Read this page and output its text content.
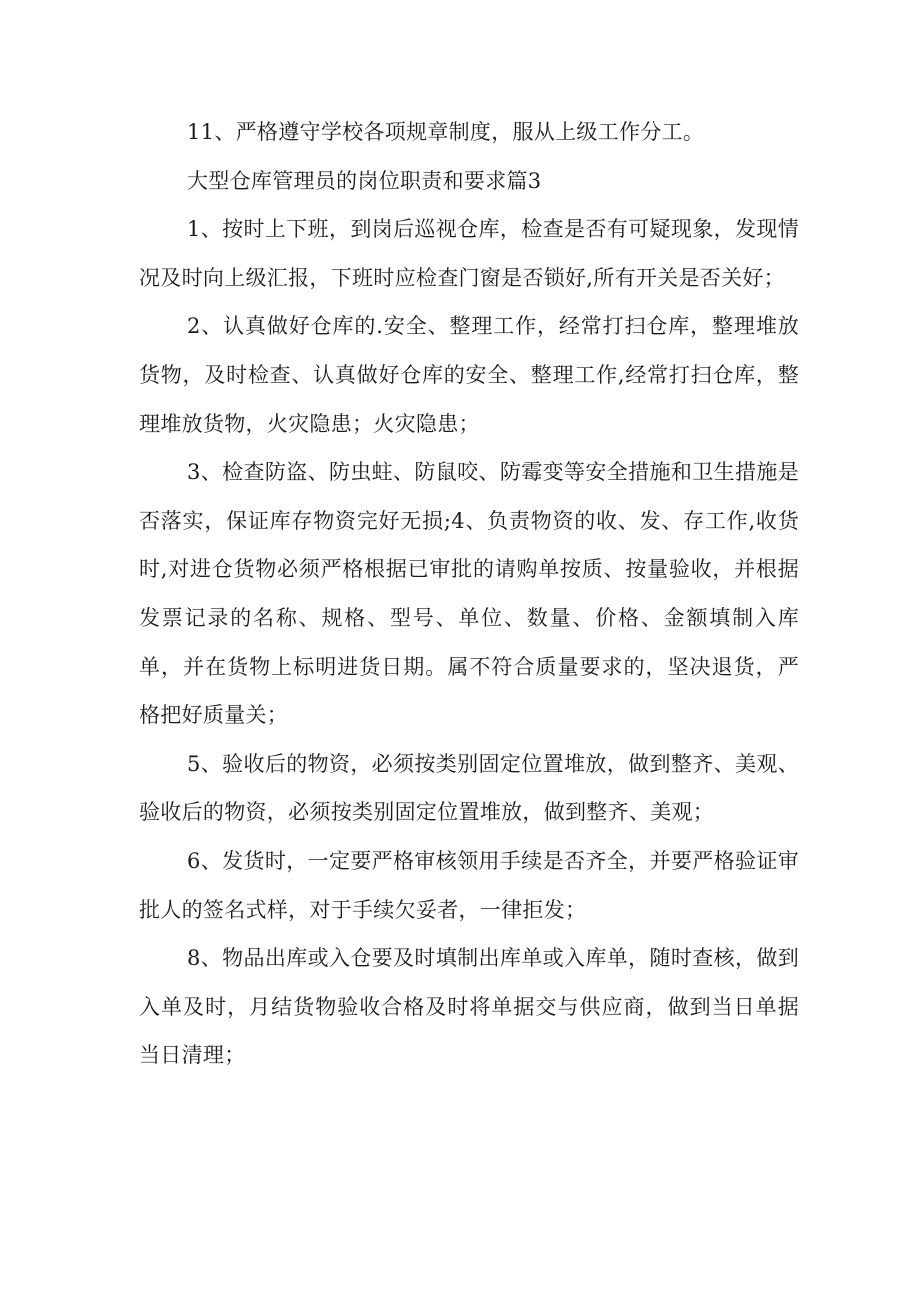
11、严格遵守学校各项规章制度，服从上级工作分工。

大型仓库管理员的岗位职责和要求篇3

1、按时上下班，到岗后巡视仓库，检查是否有可疑现象，发现情况及时向上级汇报，下班时应检查门窗是否锁好,所有开关是否关好；

2、认真做好仓库的.安全、整理工作，经常打扫仓库，整理堆放货物，及时检查、认真做好仓库的安全、整理工作,经常打扫仓库，整理堆放货物，火灾隐患；火灾隐患；

3、检查防盗、防虫蛀、防鼠咬、防霉变等安全措施和卫生措施是否落实，保证库存物资完好无损;4、负责物资的收、发、存工作,收货时,对进仓货物必须严格根据已审批的请购单按质、按量验收，并根据发票记录的名称、规格、型号、单位、数量、价格、金额填制入库单，并在货物上标明进货日期。属不符合质量要求的，坚决退货，严格把好质量关；

5、验收后的物资，必须按类别固定位置堆放，做到整齐、美观、验收后的物资，必须按类别固定位置堆放，做到整齐、美观；

6、发货时，一定要严格审核领用手续是否齐全，并要严格验证审批人的签名式样，对于手续欠妥者，一律拒发；

8、物品出库或入仓要及时填制出库单或入库单，随时查核，做到入单及时，月结货物验收合格及时将单据交与供应商，做到当日单据当日清理；
